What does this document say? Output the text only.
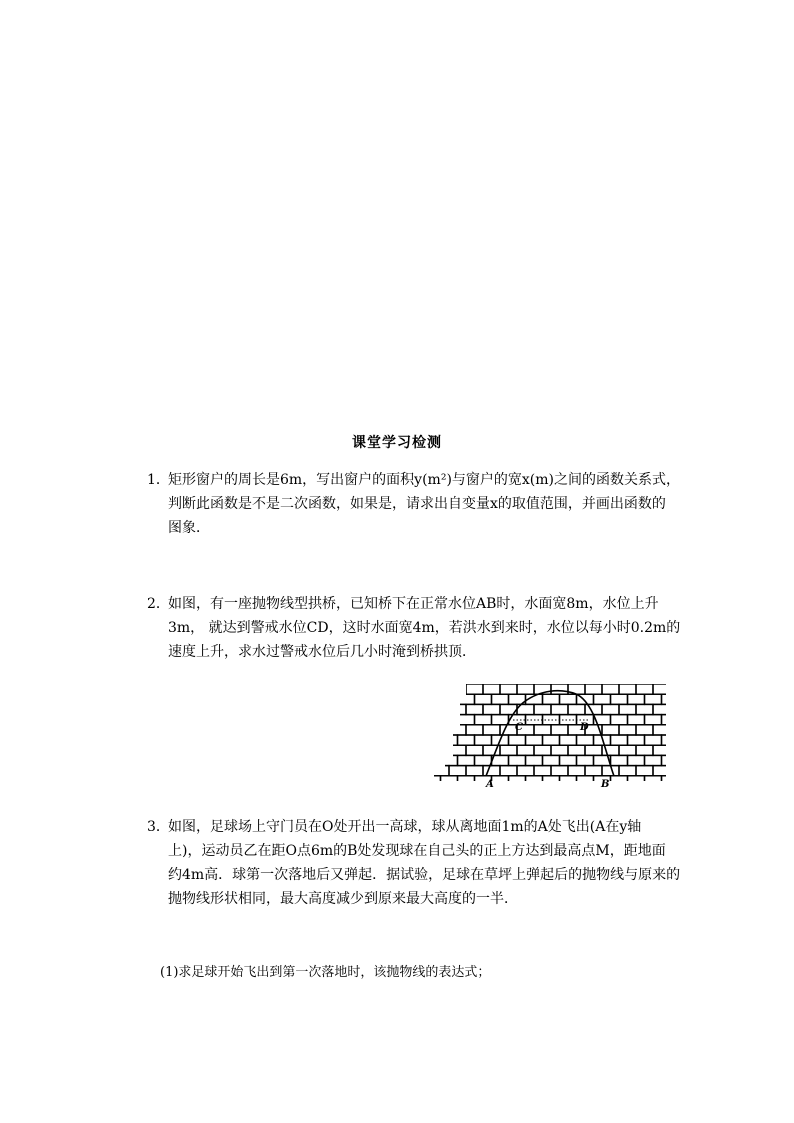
课堂学习检测
1．
矩形窗户的周长是6m，写出窗户的面积y(m²)与窗户的宽x(m)之间的函数关系式，
判断此函数是不是二次函数，如果是，请求出自变量x的取值范围，并画出函数的
图象．
2．
如图，有一座抛物线型拱桥，已知桥下在正常水位AB时，水面宽8m，水位上升
3m， 就达到警戒水位CD，这时水面宽4m，若洪水到来时，水位以每小时0.2m的
速度上升，求水过警戒水位后几小时淹到桥拱顶．
A	B
C	D
3．
如图，足球场上守门员在O处开出一高球，球从离地面1m的A处飞出(A在y轴
上)，运动员乙在距O点6m的B处发现球在自己头的正上方达到最高点M，距地面
约4m高．球第一次落地后又弹起．据试验，足球在草坪上弹起后的抛物线与原来的
抛物线形状相同，最大高度减少到原来最大高度的一半．
(1)求足球开始飞出到第一次落地时，该抛物线的表达式；
